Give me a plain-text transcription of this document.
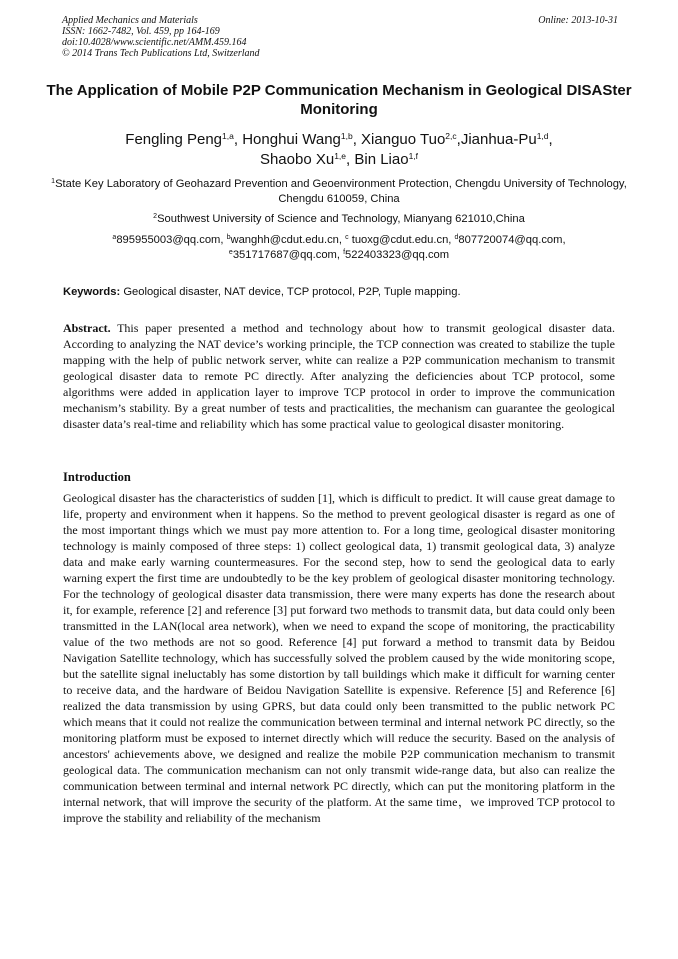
Applied Mechanics and Materials
ISSN: 1662-7482, Vol. 459, pp 164-169
doi:10.4028/www.scientific.net/AMM.459.164
© 2014 Trans Tech Publications Ltd, Switzerland
Online: 2013-10-31
The Application of Mobile P2P Communication Mechanism in Geological DISASter Monitoring
Fengling Peng$^{1,a}$, Honghui Wang$^{1,b}$, Xianguo Tuo$^{2,c}$,Jianhua-Pu$^{1,d}$,
Shaobo Xu$^{1,e}$, Bin Liao$^{1,f}$
$^1$State Key Laboratory of Geohazard Prevention and Geoenvironment Protection, Chengdu University of Technology, Chengdu 610059, China
$^2$Southwest University of Science and Technology, Mianyang 621010,China
$^a$895955003@qq.com, $^b$wanghh@cdut.edu.cn, $^c$ tuoxg@cdut.edu.cn, $^d$807720074@qq.com,
$^e$351717687@qq.com, $^f$522403323@qq.com
Keywords: Geological disaster, NAT device, TCP protocol, P2P, Tuple mapping.
Abstract. This paper presented a method and technology about how to transmit geological disaster data. According to analyzing the NAT device’s working principle, the TCP connection was created to stabilize the tuple mapping with the help of public network server, white can realize a P2P communication mechanism to transmit geological disaster data to remote PC directly. After analyzing the deficiencies about TCP protocol, some algorithms were added in application layer to improve TCP protocol in order to improve the communication mechanism’s stability. By a great number of tests and practicalities, the mechanism can guarantee the geological disaster data’s real-time and reliability which has some practical value to geological disaster monitoring.
Introduction
Geological disaster has the characteristics of sudden [1], which is difficult to predict. It will cause great damage to life, property and environment when it happens. So the method to prevent geological disaster is regard as one of the most important things which we must pay more attention to. For a long time, geological disaster monitoring technology is mainly composed of three steps: 1) collect geological data, 1) transmit geological data, 3) analyze data and make early warning countermeasures. For the second step, how to send the geological data to early warning expert the first time are undoubtedly to be the key problem of geological disaster monitoring technology. For the technology of geological disaster data transmission, there were many experts has done the research about it, for example, reference [2] and reference [3] put forward two methods to transmit data, but data could only been transmitted in the LAN(local area network), when we need to expand the scope of monitoring, the practicability value of the two methods are not so good. Reference [4] put forward a method to transmit data by Beidou Navigation Satellite technology, which has successfully solved the problem caused by the wide monitoring scope, but the satellite signal ineluctably has some distortion by tall buildings which make it difficult for warning center to receive data, and the hardware of Beidou Navigation Satellite is expensive. Reference [5] and Reference [6] realized the data transmission by using GPRS, but data could only been transmitted to the public network PC which means that it could not realize the communication between terminal and internal network PC directly, so the monitoring platform must be exposed to internet directly which will reduce the security. Based on the analysis of ancestors' achievements above, we designed and realize the mobile P2P communication mechanism to transmit geological data. The communication mechanism can not only transmit wide-range data, but also can realize the communication between terminal and internal network PC directly, which can put the monitoring platform in the internal network, that will improve the security of the platform. At the same time，we improved TCP protocol to improve the stability and reliability of the mechanism
